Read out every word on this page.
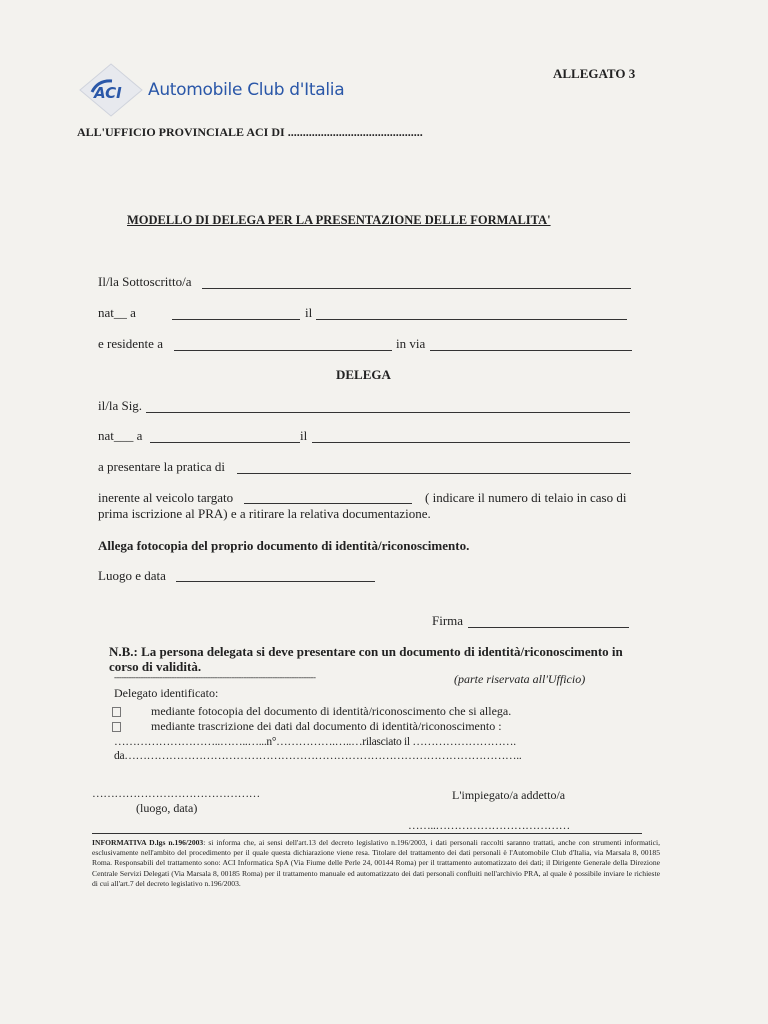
ALLEGATO 3
ACI Automobile Club d'Italia
ALL'UFFICIO PROVINCIALE ACI DI .............................................
MODELLO DI DELEGA PER LA PRESENTAZIONE DELLE FORMALITA'
Il/la Sottoscritto/a
nat__ a	il
e residente a	in via
DELEGA
il/la Sig.
nat___ a	il
a presentare la pratica di
inerente al veicolo targato	( indicare il numero di telaio in caso di
prima iscrizione al PRA) e a ritirare la relativa documentazione.
Allega fotocopia del proprio documento di identità/riconoscimento.
Luogo e data
Firma
N.B.: La persona delegata si deve presentare con un documento di identità/riconoscimento in
corso di validità.
------------------------------------------------------------------------------------	(parte riservata all'Ufficio)
Delegato identificato:
mediante fotocopia del documento di identità/riconoscimento che si allega.
mediante trascrizione dei dati dal documento di identità/riconoscimento :
………………………..……..…...n°…………….…..…rilasciato il ……………………….
da……………………………………………………………………………………………..
………………………………………
(luogo, data)
L'impiegato/a addetto/a
……..………………………………
INFORMATIVA D.lgs n.196/2003: si informa che, ai sensi dell'art.13 del decreto legislativo n.196/2003, i dati personali raccolti saranno trattati, anche con strumenti informatici, esclusivamente nell'ambito del procedimento per il quale questa dichiarazione viene resa. Titolare del trattamento dei dati personali è l'Automobile Club d'Italia, via Marsala 8, 00185 Roma. Responsabili del trattamento sono: ACI Informatica SpA (Via Fiume delle Perle 24, 00144 Roma) per il trattamento automatizzato dei dati; il Dirigente Generale della Direzione Centrale Servizi Delegati (Via Marsala 8, 00185 Roma) per il trattamento manuale ed automatizzato dei dati personali confluiti nell'archivio PRA, al quale è possibile inviare le richieste di cui all'art.7 del decreto legislativo n.196/2003.
